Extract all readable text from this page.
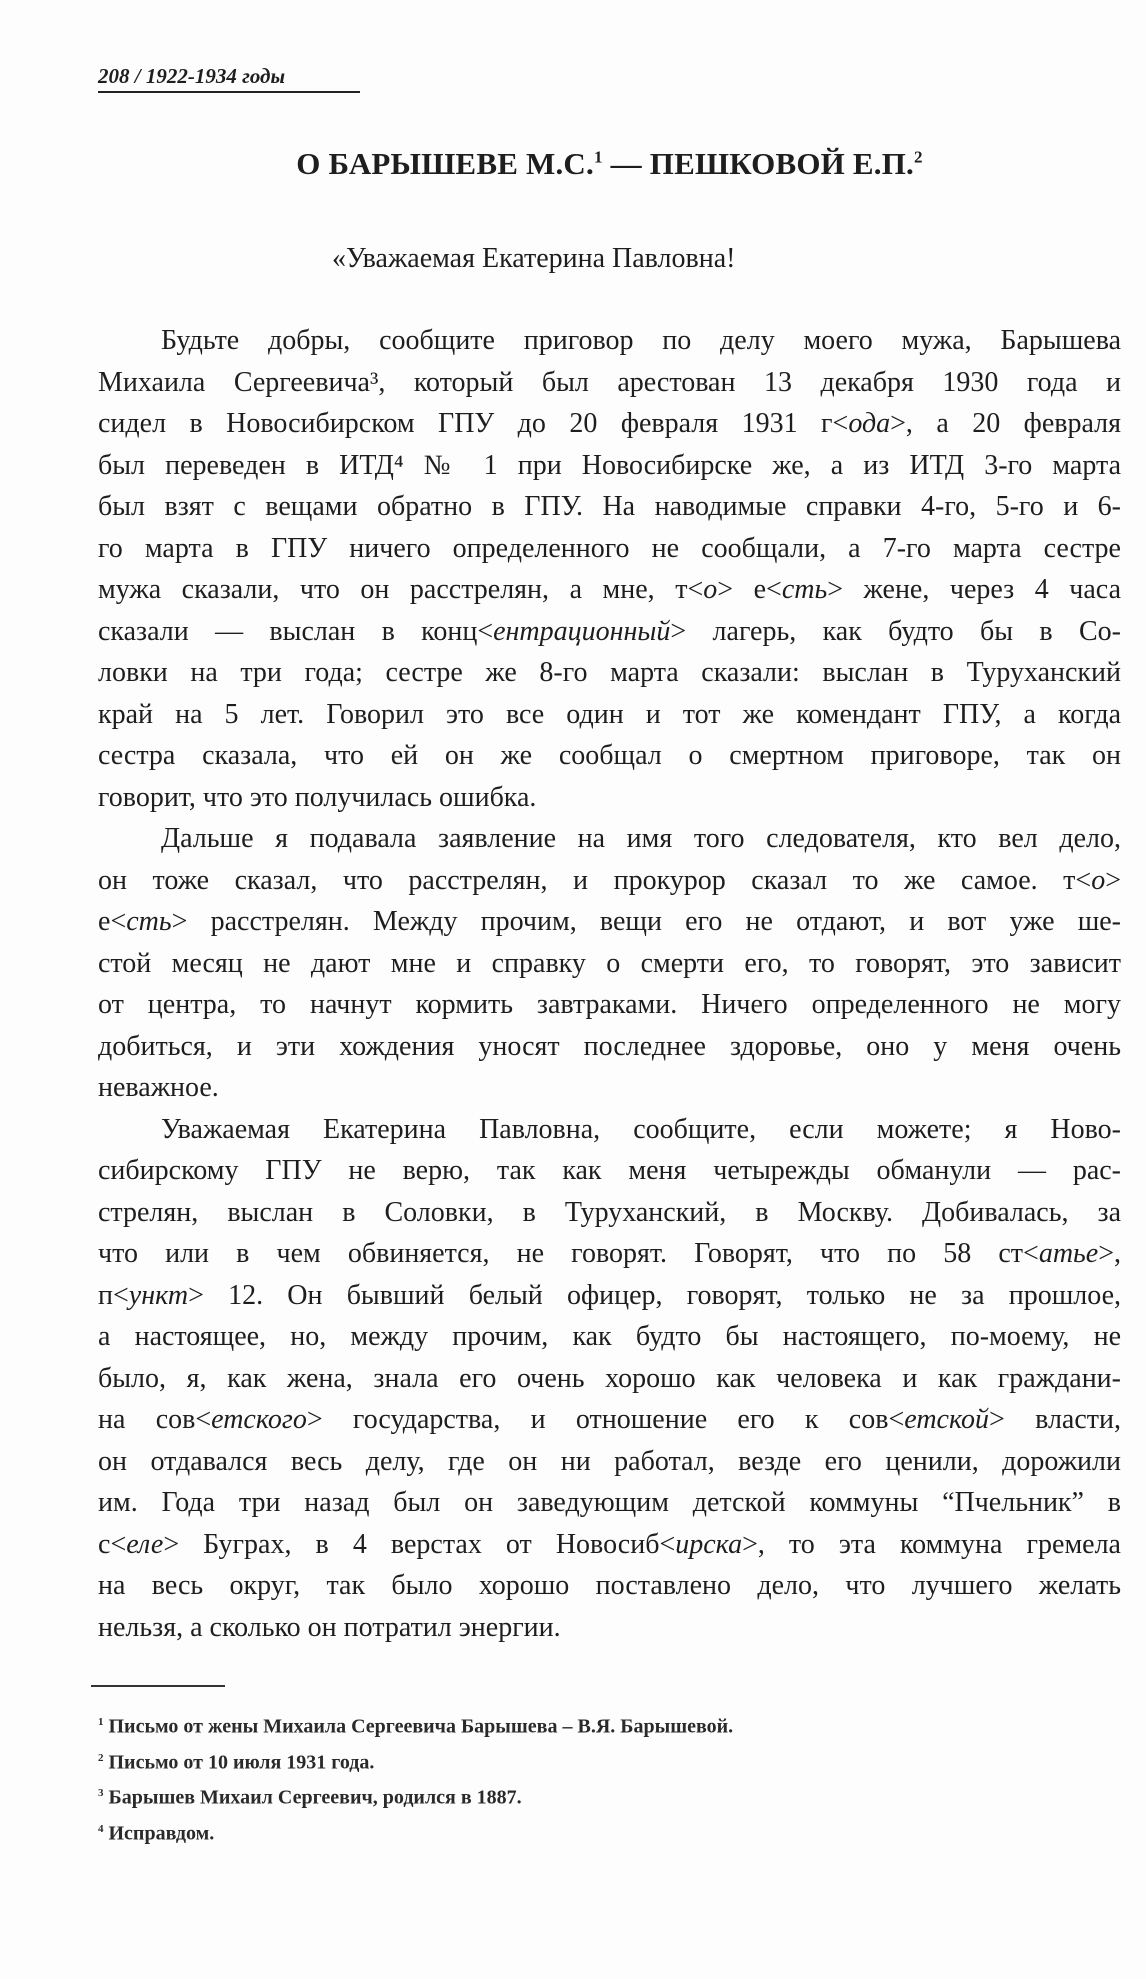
208 / 1922-1934 годы
О БАРЫШЕВЕ М.С.$^1$ — ПЕШКОВОЙ Е.П.$^2$
«Уважаемая Екатерина Павловна!
Будьте добры, сообщите приговор по делу моего мужа, Барышева
Михаила Сергеевича³, который был арестован 13 декабря 1930 года и
сидел в Новосибирском ГПУ до 20 февраля 1931 г<ода>, а 20 февраля
был переведен в ИТД⁴ № 1 при Новосибирске же, а из ИТД 3-го марта
был взят с вещами обратно в ГПУ. На наводимые справки 4-го, 5-го и 6-
го марта в ГПУ ничего определенного не сообщали, а 7-го марта сестре
мужа сказали, что он расстрелян, а мне, т<о> е<сть> жене, через 4 часа
сказали — выслан в конц<ентрационный> лагерь, как будто бы в Со-
ловки на три года; сестре же 8-го марта сказали: выслан в Туруханский
край на 5 лет. Говорил это все один и тот же комендант ГПУ, а когда
сестра сказала, что ей он же сообщал о смертном приговоре, так он
говорит, что это получилась ошибка.
Дальше я подавала заявление на имя того следователя, кто вел дело,
он тоже сказал, что расстрелян, и прокурор сказал то же самое. т<о>
е<сть> расстрелян. Между прочим, вещи его не отдают, и вот уже ше-
стой месяц не дают мне и справку о смерти его, то говорят, это зависит
от центра, то начнут кормить завтраками. Ничего определенного не могу
добиться, и эти хождения уносят последнее здоровье, оно у меня очень
неважное.
Уважаемая Екатерина Павловна, сообщите, если можете; я Ново-
сибирскому ГПУ не верю, так как меня четырежды обманули — рас-
стрелян, выслан в Соловки, в Туруханский, в Москву. Добивалась, за
что или в чем обвиняется, не говорят. Говорят, что по 58 ст<атье>,
п<ункт> 12. Он бывший белый офицер, говорят, только не за прошлое,
а настоящее, но, между прочим, как будто бы настоящего, по-моему, не
было, я, как жена, знала его очень хорошо как человека и как граждани-
на сов<етского> государства, и отношение его к сов<етской> власти,
он отдавался весь делу, где он ни работал, везде его ценили, дорожили
им. Года три назад был он заведующим детской коммуны “Пчельник” в
с<еле> Буграх, в 4 верстах от Новосиб<ирска>, то эта коммуна гремела
на весь округ, так было хорошо поставлено дело, что лучшего желать
нельзя, а сколько он потратил энергии.
$^1$ Письмо от жены Михаила Сергеевича Барышева – В.Я. Барышевой.
$^2$ Письмо от 10 июля 1931 года.
$^3$ Барышев Михаил Сергеевич, родился в 1887.
$^4$ Исправдом.
